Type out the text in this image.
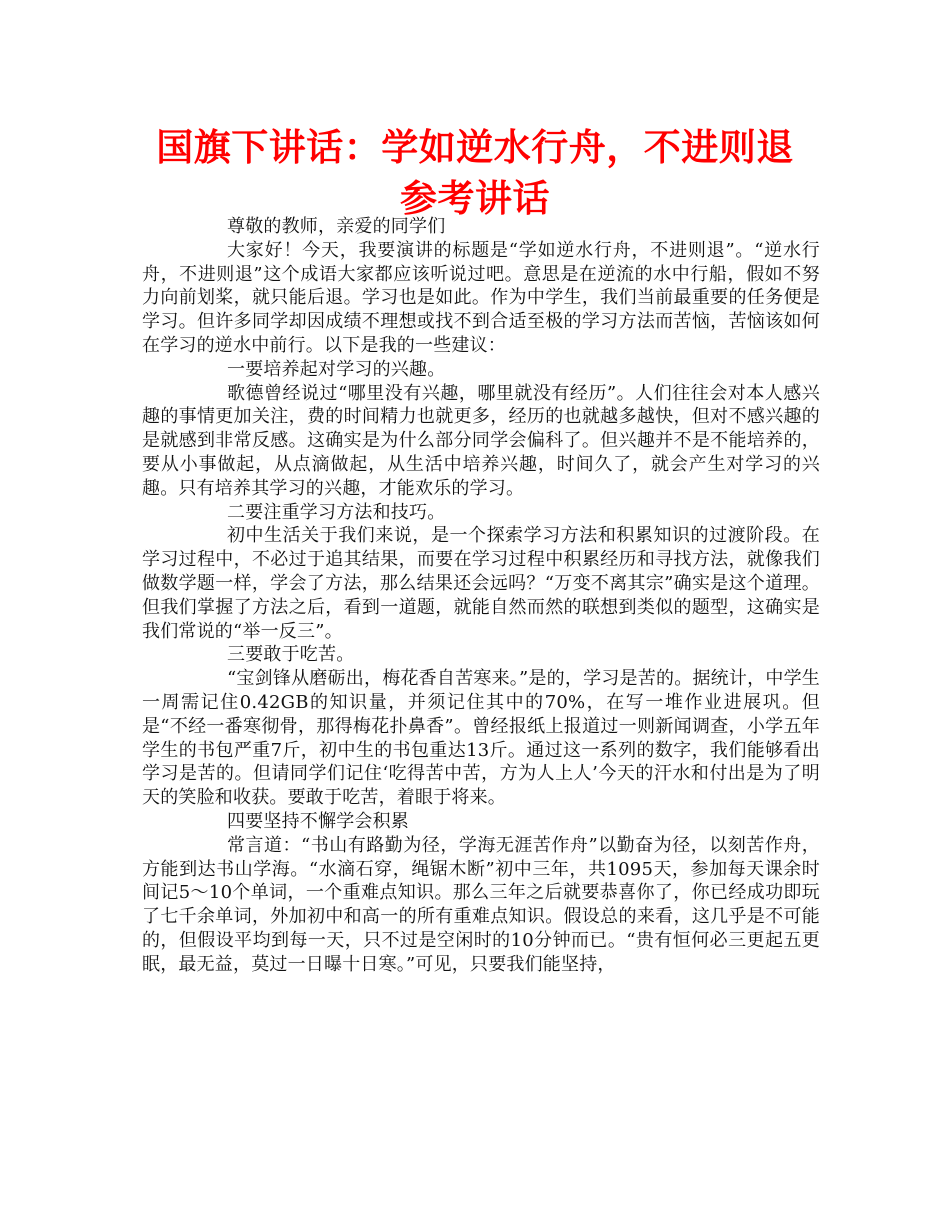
国旗下讲话：学如逆水行舟，不进则退参考讲话

尊敬的教师，亲爱的同学们

大家好！今天，我要演讲的标题是“学如逆水行舟，不进则退”。“逆水行舟，不进则退”这个成语大家都应该听说过吧。意思是在逆流的水中行船，假如不努力向前划桨，就只能后退。学习也是如此。作为中学生，我们当前最重要的任务便是学习。但许多同学却因成绩不理想或找不到合适至极的学习方法而苦恼，苦恼该如何在学习的逆水中前行。以下是我的一些建议：

一要培养起对学习的兴趣。

歌德曾经说过“哪里没有兴趣，哪里就没有经历”。人们往往会对本人感兴趣的事情更加关注，费的时间精力也就更多，经历的也就越多越快，但对不感兴趣的是就感到非常反感。这确实是为什么部分同学会偏科了。但兴趣并不是不能培养的，要从小事做起，从点滴做起，从生活中培养兴趣，时间久了，就会产生对学习的兴趣。只有培养其学习的兴趣，才能欢乐的学习。

二要注重学习方法和技巧。

初中生活关于我们来说，是一个探索学习方法和积累知识的过渡阶段。在学习过程中，不必过于追其结果，而要在学习过程中积累经历和寻找方法，就像我们做数学题一样，学会了方法，那么结果还会远吗？“万变不离其宗”确实是这个道理。但我们掌握了方法之后，看到一道题，就能自然而然的联想到类似的题型，这确实是我们常说的“举一反三”。

三要敢于吃苦。

“宝剑锋从磨砺出，梅花香自苦寒来。”是的，学习是苦的。据统计，中学生一周需记住0.42GB的知识量，并须记住其中的70%，在写一堆作业进展巩。但是“不经一番寒彻骨，那得梅花扑鼻香”。曾经报纸上报道过一则新闻调查，小学五年学生的书包严重7斤，初中生的书包重达13斤。通过这一系列的数字，我们能够看出学习是苦的。但请同学们记住‘吃得苦中苦，方为人上人’今天的汗水和付出是为了明天的笑脸和收获。要敢于吃苦，着眼于将来。

四要坚持不懈学会积累

常言道：“书山有路勤为径，学海无涯苦作舟”以勤奋为径，以刻苦作舟，方能到达书山学海。“水滴石穿，绳锯木断”初中三年，共1095天，参加每天课余时间记5～10个单词，一个重难点知识。那么三年之后就要恭喜你了，你已经成功即玩了七千余单词，外加初中和高一的所有重难点知识。假设总的来看，这几乎是不可能的，但假设平均到每一天，只不过是空闲时的10分钟而已。“贵有恒何必三更起五更眠，最无益，莫过一日曝十日寒。”可见，只要我们能坚持，
